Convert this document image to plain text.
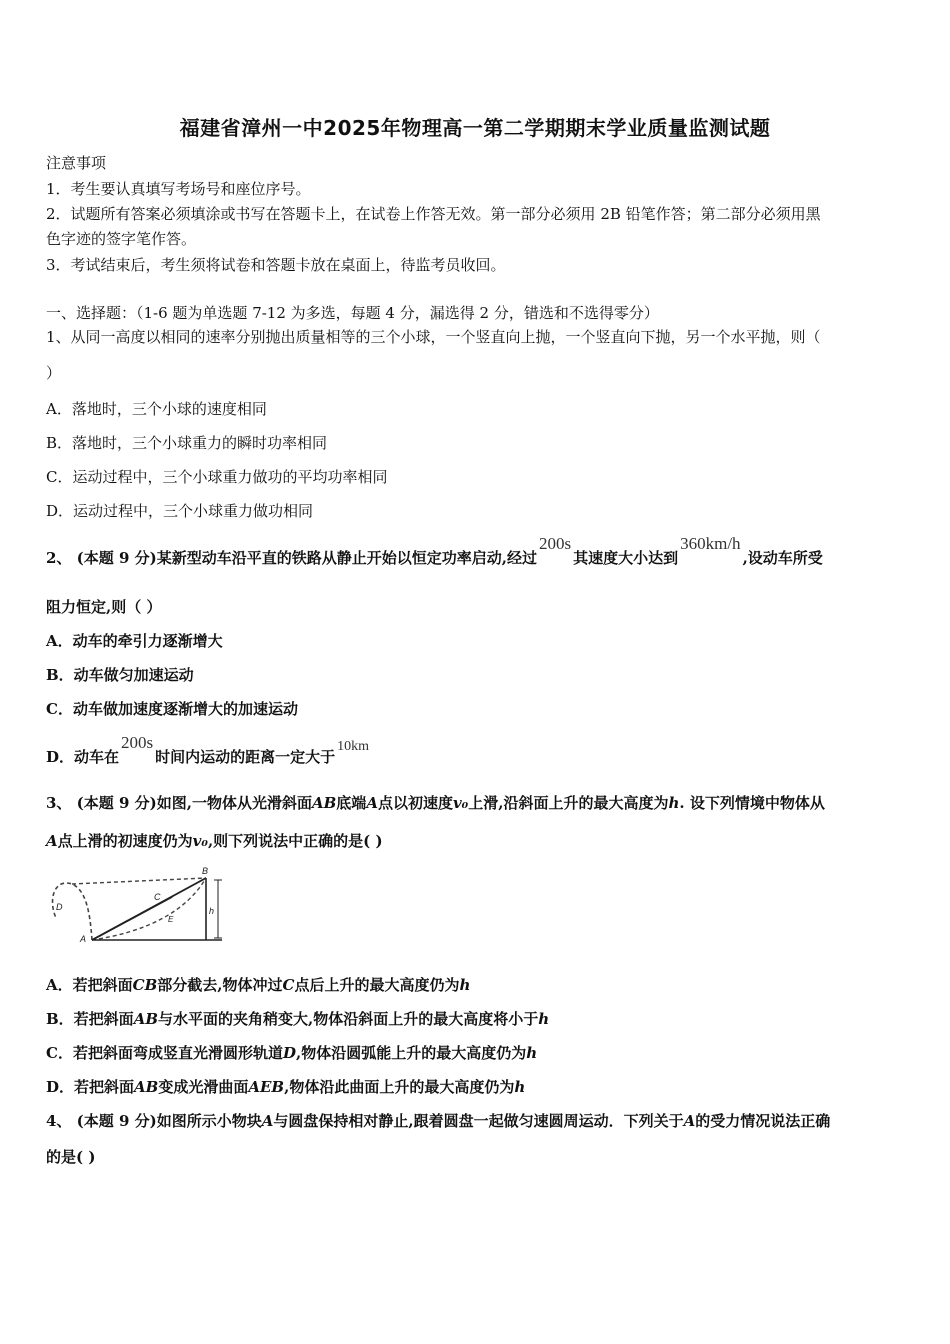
福建省漳州一中2025年物理高一第二学期期末学业质量监测试题
注意事项
1．考生要认真填写考场号和座位序号。
2．试题所有答案必须填涂或书写在答题卡上，在试卷上作答无效。第一部分必须用 2B 铅笔作答；第二部分必须用黑
色字迹的签字笔作答。
3．考试结束后，考生须将试卷和答题卡放在桌面上，待监考员收回。
一、选择题：（1-6 题为单选题 7-12 为多选，每题 4 分，漏选得 2 分，错选和不选得零分）
1、从同一高度以相同的速率分别抛出质量相等的三个小球，一个竖直向上抛，一个竖直向下抛，另一个水平抛，则（
）
A．落地时，三个小球的速度相同
B．落地时，三个小球重力的瞬时功率相同
C．运动过程中，三个小球重力做功的平均功率相同
D．运动过程中，三个小球重力做功相同
2、 (本题 9 分)某新型动车沿平直的铁路从静止开始以恒定功率启动,经过200s其速度大小达到360km/h,设动车所受
阻力恒定,则（ ）
A．动车的牵引力逐渐增大
B．动车做匀加速运动
C．动车做加速度逐渐增大的加速运动
D．动车在200s时间内运动的距离一定大于10km
3、 (本题 9 分)如图,一物体从光滑斜面AB底端A点以初速度v₀上滑,沿斜面上升的最大高度为h. 设下列情境中物体从
A点上滑的初速度仍为v₀,则下列说法中正确的是( )
D
B
C
E
h
A
A．若把斜面CB部分截去,物体冲过C点后上升的最大高度仍为h
B．若把斜面AB与水平面的夹角稍变大,物体沿斜面上升的最大高度将小于h
C．若把斜面弯成竖直光滑圆形轨道D,物体沿圆弧能上升的最大高度仍为h
D．若把斜面AB变成光滑曲面AEB,物体沿此曲面上升的最大高度仍为h
4、 (本题 9 分)如图所示小物块A与圆盘保持相对静止,跟着圆盘一起做匀速圆周运动．下列关于A的受力情况说法正确
的是( )
